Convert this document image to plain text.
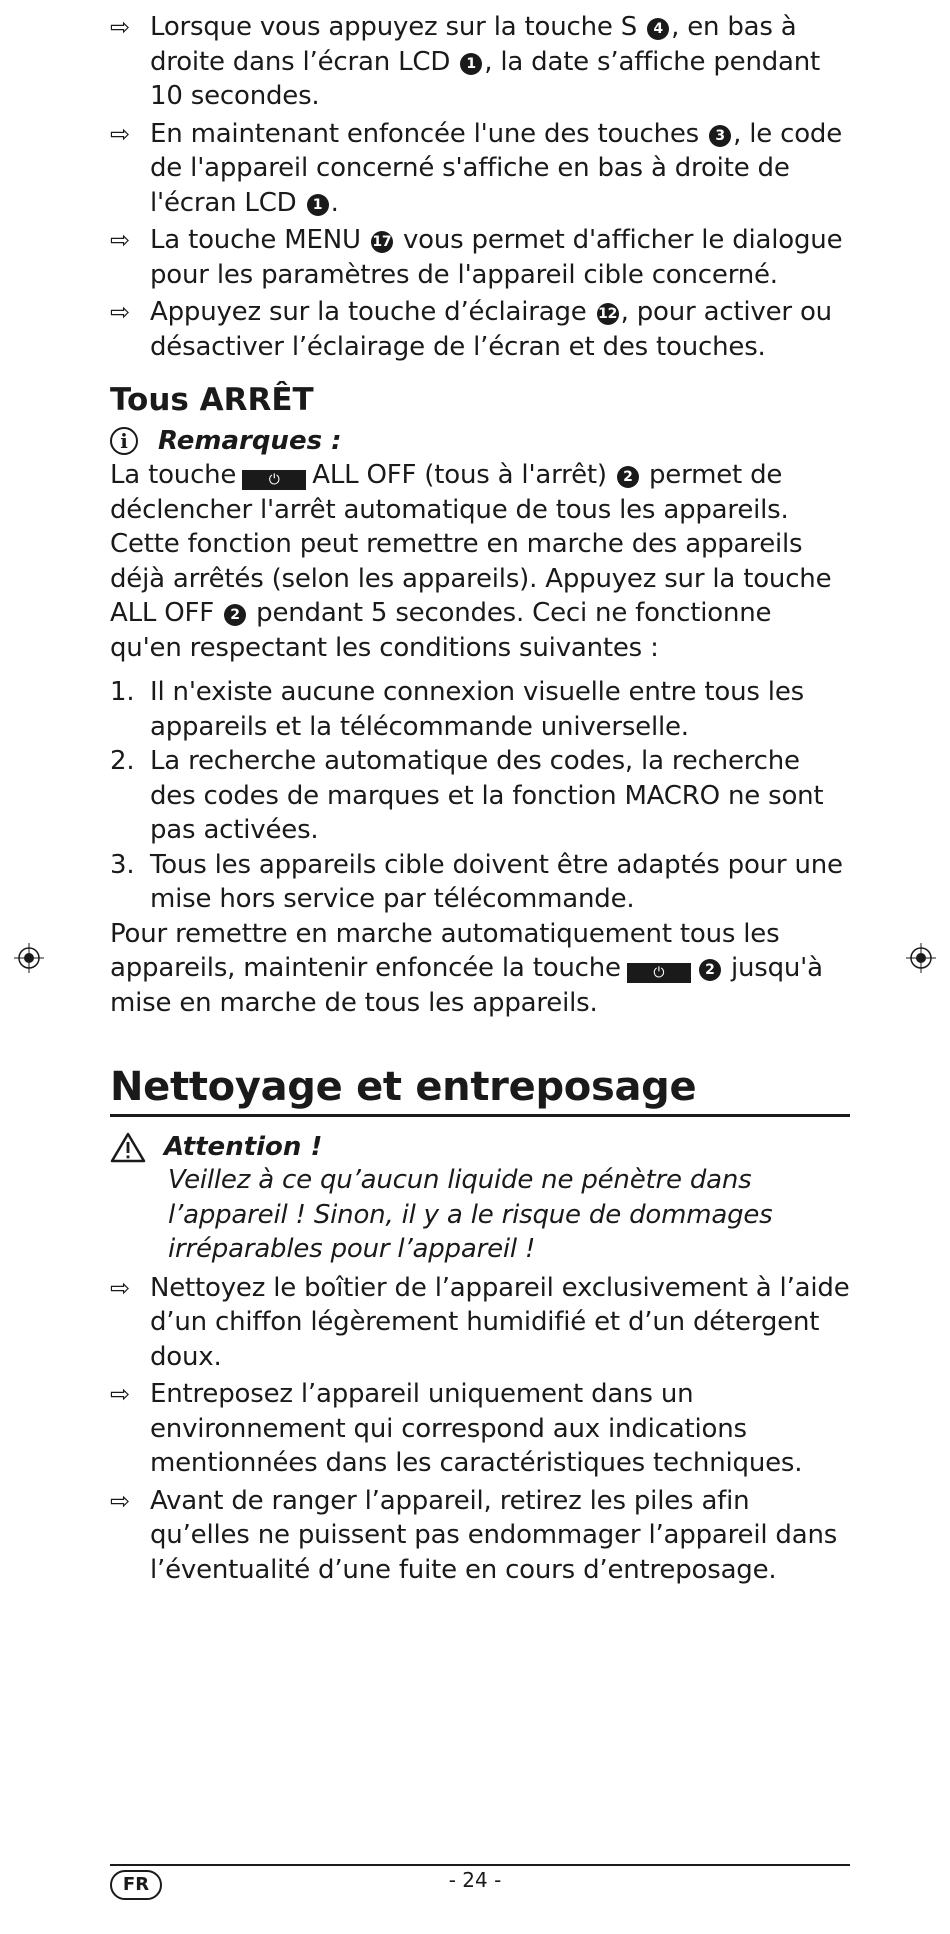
⇨ Lorsque vous appuyez sur la touche S 4 , en bas à droite dans l’écran LCD 1 , la date s’affiche pendant 10 secondes.

⇨ En maintenant enfoncée l'une des touches 3 , le code de l'appareil concerné s'affiche en bas à droite de l'écran LCD 1 .

⇨ La touche MENU 17 vous permet d'afficher le dialogue pour les paramètres de l'appareil cible concerné.

⇨ Appuyez sur la touche d’éclairage 12 , pour activer ou désactiver l’éclairage de l’écran et des touches.

Tous ARRÊT
i	Remarques :

La touche ⏻ ALL OFF (tous à l'arrêt) 2 permet de déclencher l'arrêt automatique de tous les appareils. Cette fonction peut remettre en marche des appareils déjà arrêtés (selon les appareils). Appuyez sur la touche ALL OFF 2 pendant 5 secondes. Ceci ne fonctionne qu'en respectant les conditions suivantes :

1. Il n'existe aucune connexion visuelle entre tous les appareils et la télécommande universelle.
2. La recherche automatique des codes, la recherche des codes de marques et la fonction MACRO ne sont pas activées.
3. Tous les appareils cible doivent être adaptés pour une mise hors service par télécommande.

Pour remettre en marche automatiquement tous les appareils, maintenir enfoncée la touche ⏻	2 jusqu'à mise en marche de tous les appareils.

Nettoyage et entreposage
Attention !

Veillez à ce qu’aucun liquide ne pénètre dans l’appareil ! Sinon, il y a le risque de dommages irréparables pour l’appareil !

⇨ Nettoyez le boîtier de l’appareil exclusivement à l’aide d’un chiffon légèrement humidifié et d’un détergent doux.

⇨ Entreposez l’appareil uniquement dans un environnement qui correspond aux indications mentionnées dans les caractéristiques techniques.

⇨ Avant de ranger l’appareil, retirez les piles afin qu’elles ne puissent pas endommager l’appareil dans l’éventualité d’une fuite en cours d’entreposage.

FR	- 24 -
